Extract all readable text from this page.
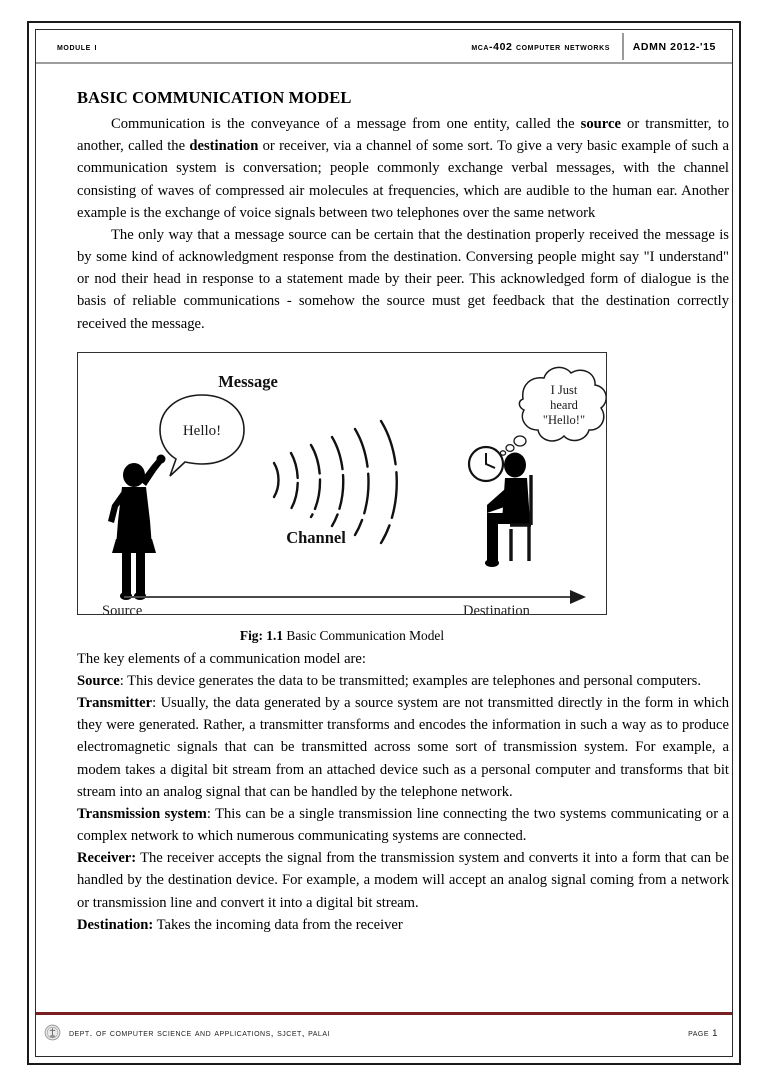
module i	mca-402 computer networks ADMN 2012-'15
BASIC COMMUNICATION MODEL

Communication is the conveyance of a message from one entity, called the source or transmitter, to another, called the destination or receiver, via a channel of some sort. To give a very basic example of such a communication system is conversation; people commonly exchange verbal messages, with the channel consisting of waves of compressed air molecules at frequencies, which are audible to the human ear. Another example is the exchange of voice signals between two telephones over the same network

The only way that a message source can be certain that the destination properly received the message is by some kind of acknowledgment response from the destination. Conversing people might say "I understand" or nod their head in response to a statement made by their peer. This acknowledged form of dialogue is the basis of reliable communications - somehow the source must get feedback that the destination correctly received the message.

Message
Hello!
Channel
I Just
heard
"Hello!"
Source	Destination
Fig: 1.1 Basic Communication Model

The key elements of a communication model are:

Source: This device generates the data to be transmitted; examples are telephones and personal computers.

Transmitter: Usually, the data generated by a source system are not transmitted directly in the form in which they were generated. Rather, a transmitter transforms and encodes the information in such a way as to produce electromagnetic signals that can be transmitted across some sort of transmission system. For example, a modem takes a digital bit stream from an attached device such as a personal computer and transforms that bit stream into an analog signal that can be handled by the telephone network.

Transmission system: This can be a single transmission line connecting the two systems communicating or a complex network to which numerous communicating systems are connected.

Receiver: The receiver accepts the signal from the transmission system and converts it into a form that can be handled by the destination device. For example, a modem will accept an analog signal coming from a network or transmission line and convert it into a digital bit stream.

Destination: Takes the incoming data from the receiver

dept. of computer science and applications, sjcet, palai	page 1
